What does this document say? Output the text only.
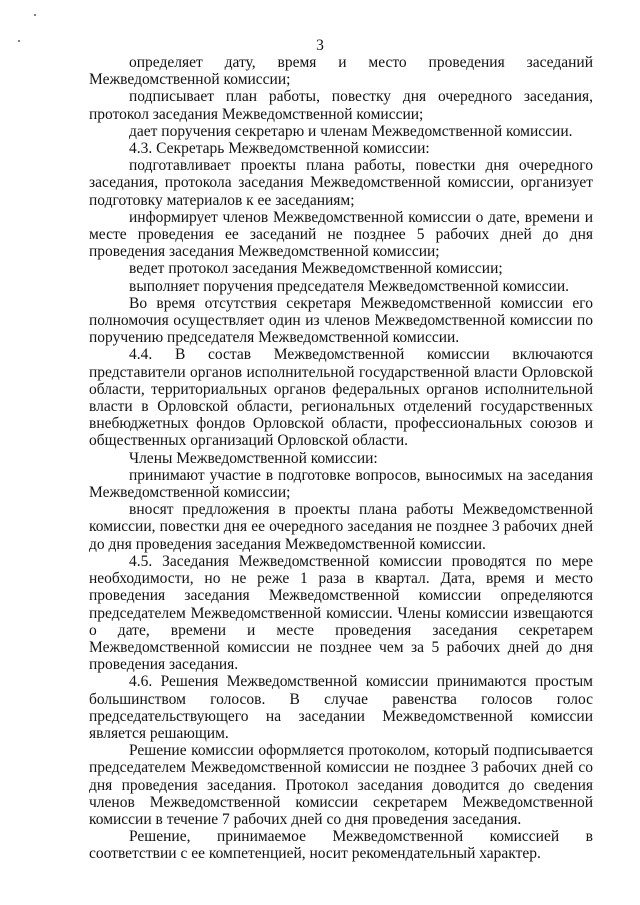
3

определяет дату, время и место проведения заседаний Межведомственной комиссии;

подписывает план работы, повестку дня очередного заседания, протокол заседания Межведомственной комиссии;

дает поручения секретарю и членам Межведомственной комиссии.

4.3. Секретарь Межведомственной комиссии:

подготавливает проекты плана работы, повестки дня очередного заседания, протокола заседания Межведомственной комиссии, организует подготовку материалов к ее заседаниям;

информирует членов Межведомственной комиссии о дате, времени и месте проведения ее заседаний не позднее 5 рабочих дней до дня проведения заседания Межведомственной комиссии;

ведет протокол заседания Межведомственной комиссии;

выполняет поручения председателя Межведомственной комиссии.

Во время отсутствия секретаря Межведомственной комиссии его полномочия осуществляет один из членов Межведомственной комиссии по поручению председателя Межведомственной комиссии.

4.4. В состав Межведомственной комиссии включаются представители органов исполнительной государственной власти Орловской области, территориальных органов федеральных органов исполнительной власти в Орловской области, региональных отделений государственных внебюджетных фондов Орловской области, профессиональных союзов и общественных организаций Орловской области.

Члены Межведомственной комиссии:

принимают участие в подготовке вопросов, выносимых на заседания Межведомственной комиссии;

вносят предложения в проекты плана работы Межведомственной комиссии, повестки дня ее очередного заседания не позднее 3 рабочих дней до дня проведения заседания Межведомственной комиссии.

4.5. Заседания Межведомственной комиссии проводятся по мере необходимости, но не реже 1 раза в квартал. Дата, время и место проведения заседания Межведомственной комиссии определяются председателем Межведомственной комиссии. Члены комиссии извещаются о дате, времени и месте проведения заседания секретарем Межведомственной комиссии не позднее чем за 5 рабочих дней до дня проведения заседания.

4.6. Решения Межведомственной комиссии принимаются простым большинством голосов. В случае равенства голосов голос председательствующего на заседании Межведомственной комиссии является решающим.

Решение комиссии оформляется протоколом, который подписывается председателем Межведомственной комиссии не позднее 3 рабочих дней со дня проведения заседания. Протокол заседания доводится до сведения членов Межведомственной комиссии секретарем Межведомственной комиссии в течение 7 рабочих дней со дня проведения заседания.

Решение, принимаемое Межведомственной комиссией в соответствии с ее компетенцией, носит рекомендательный характер.
